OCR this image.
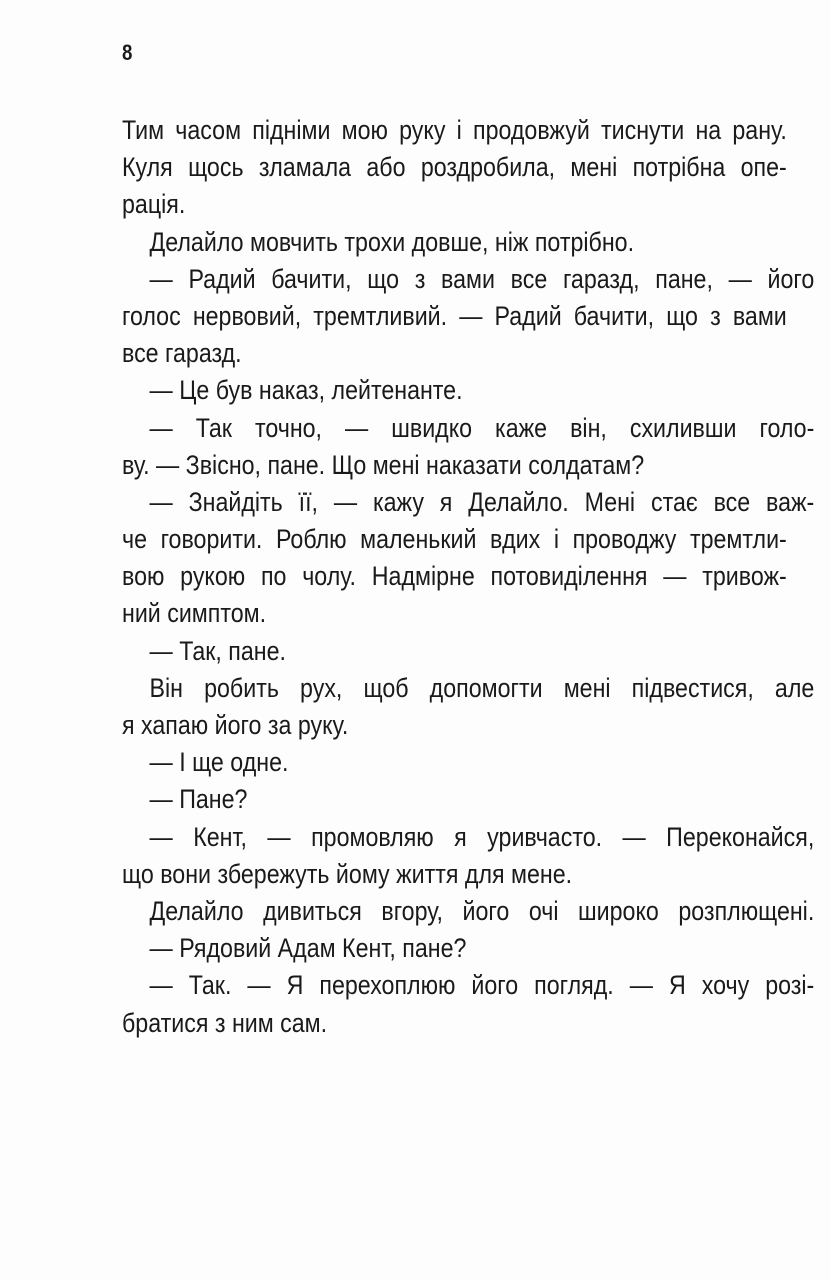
8
Тим часом підніми мою руку і продовжуй тиснути на рану.
Куля щось зламала або роздробила, мені потрібна опе-
рація.
Делайло мовчить трохи довше, ніж потрібно.
— Радий бачити, що з вами все гаразд, пане, — його
голос нервовий, тремтливий. — Радий бачити, що з вами
все гаразд.
— Це був наказ, лейтенанте.
— Так точно, — швидко каже він, схиливши голо-
ву. — Звісно, пане. Що мені наказати солдатам?
— Знайдіть її, — кажу я Делайло. Мені стає все важ-
че говорити. Роблю маленький вдих і проводжу тремтли-
вою рукою по чолу. Надмірне потовиділення — тривож-
ний симптом.
— Так, пане.
Він робить рух, щоб допомогти мені підвестися, але
я хапаю його за руку.
— І ще одне.
— Пане?
— Кент, — промовляю я уривчасто. — Переконайся,
що вони збережуть йому життя для мене.
Делайло дивиться вгору, його очі широко розплющені.
— Рядовий Адам Кент, пане?
— Так. — Я перехоплюю його погляд. — Я хочу розі-
братися з ним сам.
